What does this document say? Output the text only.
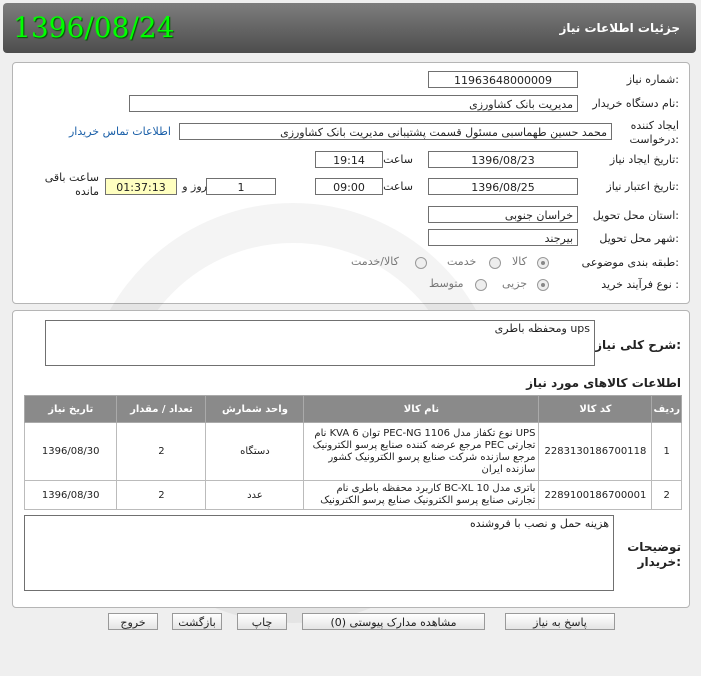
جزئیات اطلاعات نیاز
1396/08/24
شماره نیاز:
1196364800000‍9
نام دستگاه خریدار:
مدیریت بانک کشاورزی
ایجاد کننده درخواست:
محمد حسین طهماسبی مسئول قسمت پشتیبانی مدیریت بانک کشاورزی
اطلاعات تماس خریدار
تاریخ ایجاد نیاز:
1396/08/23
ساعت
19:14
تاریخ اعتبار نیاز:
1396/08/25
ساعت
09:00
1
روز و
01:37:13
ساعت باقی مانده
استان محل تحویل:
خراسان جنوبی
شهر محل تحویل:
بیرجند
طبقه بندی موضوعی:
کالا
خدمت
کالا/خدمت
نوع فرآیند خرید :
جزیی
متوسط
شرح کلی نیاز:
ups ومحفظه باطری
اطلاعات کالاهای مورد نیاز
ردیف	کد کالا	نام کالا	واحد شمارش	تعداد / مقدار	تاریخ نیاز
1	2283130186700118	UPS نوع تکفاز مدل PEC-NG 1106 توان 6 KVA نام تجارتی PEC مرجع عرضه کننده صنایع پرسو الکترونیک مرجع سازنده شرکت صنایع پرسو الکترونیک کشور سازنده ایران	دستگاه	2	1396/08/30
2	2289100186700001	باتری مدل BC-XL 10 کاربرد محفظه باطری نام تجارتی صنایع پرسو الکترونیک صنایع پرسو الکترونیک	عدد	2	1396/08/30
هزینه حمل و نصب با فروشنده
توضیحات خریدار:
پاسخ به نیاز
مشاهده مدارک پیوستی (0)
چاپ
بازگشت
خروج
